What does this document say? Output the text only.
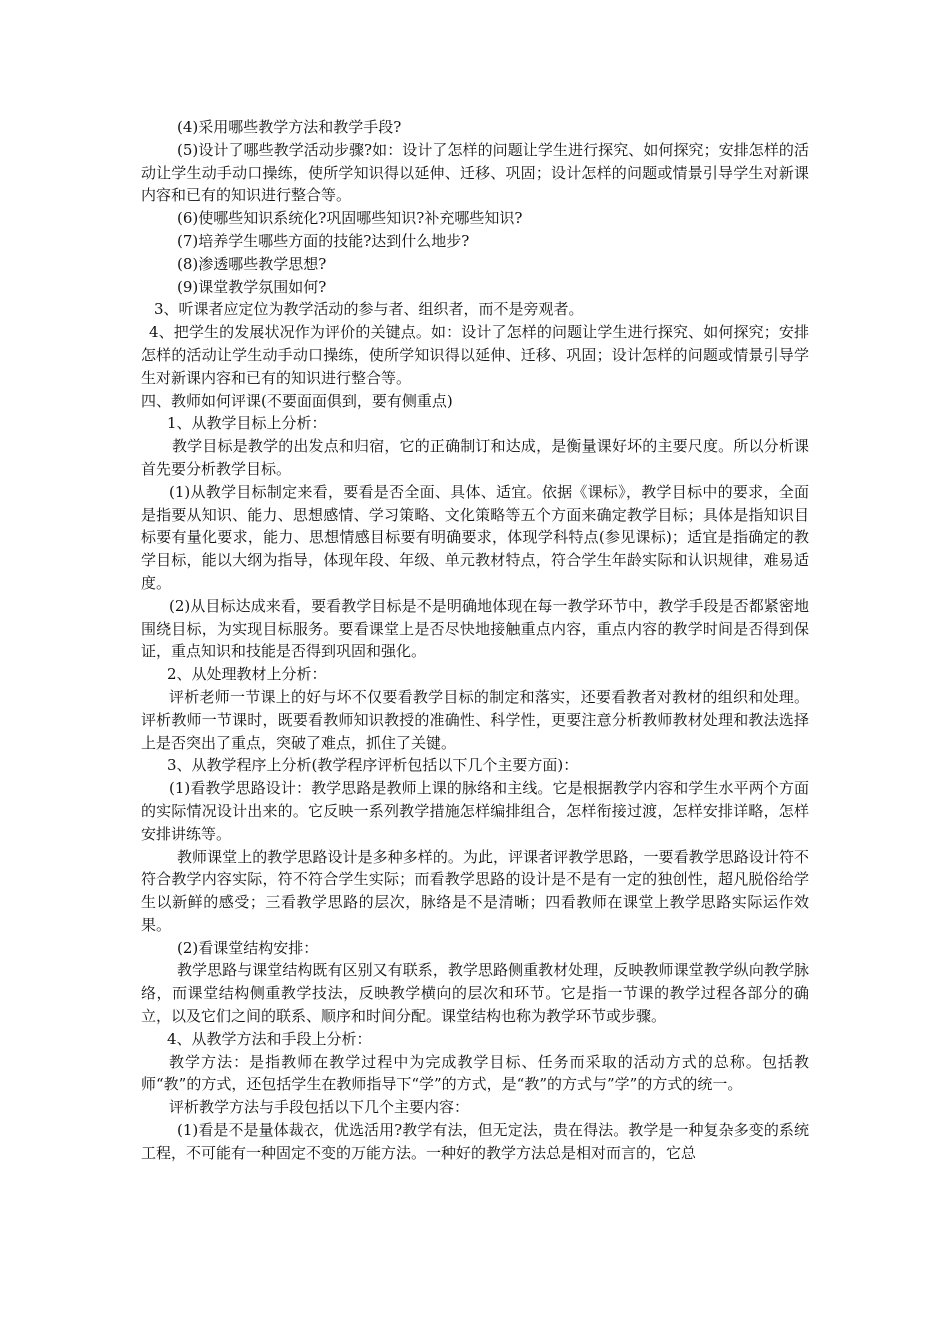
(4)采用哪些教学方法和教学手段?

(5)设计了哪些教学活动步骤?如：设计了怎样的问题让学生进行探究、如何探究；安排怎样的活动让学生动手动口操练，使所学知识得以延伸、迁移、巩固；设计怎样的问题或情景引导学生对新课内容和已有的知识进行整合等。

(6)使哪些知识系统化?巩固哪些知识?补充哪些知识?

(7)培养学生哪些方面的技能?达到什么地步?

(8)渗透哪些教学思想?

(9)课堂教学氛围如何?

3、听课者应定位为教学活动的参与者、组织者，而不是旁观者。

4、把学生的发展状况作为评价的关键点。如：设计了怎样的问题让学生进行探究、如何探究；安排怎样的活动让学生动手动口操练，使所学知识得以延伸、迁移、巩固；设计怎样的问题或情景引导学生对新课内容和已有的知识进行整合等。

四、教师如何评课(不要面面俱到，要有侧重点)

1、从教学目标上分析：

教学目标是教学的出发点和归宿，它的正确制订和达成，是衡量课好坏的主要尺度。所以分析课首先要分析教学目标。

(1)从教学目标制定来看，要看是否全面、具体、适宜。依据《课标》，教学目标中的要求，全面是指要从知识、能力、思想感情、学习策略、文化策略等五个方面来确定教学目标；具体是指知识目标要有量化要求，能力、思想情感目标要有明确要求，体现学科特点(参见课标)；适宜是指确定的教学目标，能以大纲为指导，体现年段、年级、单元教材特点，符合学生年龄实际和认识规律，难易适度。

(2)从目标达成来看，要看教学目标是不是明确地体现在每一教学环节中，教学手段是否都紧密地围绕目标，为实现目标服务。要看课堂上是否尽快地接触重点内容，重点内容的教学时间是否得到保证，重点知识和技能是否得到巩固和强化。

2、从处理教材上分析：

评析老师一节课上的好与坏不仅要看教学目标的制定和落实，还要看教者对教材的组织和处理。评析教师一节课时，既要看教师知识教授的准确性、科学性，更要注意分析教师教材处理和教法选择上是否突出了重点，突破了难点，抓住了关键。

3、从教学程序上分析(教学程序评析包括以下几个主要方面)：

(1)看教学思路设计：教学思路是教师上课的脉络和主线。它是根据教学内容和学生水平两个方面的实际情况设计出来的。它反映一系列教学措施怎样编排组合，怎样衔接过渡，怎样安排详略，怎样安排讲练等。

教师课堂上的教学思路设计是多种多样的。为此，评课者评教学思路，一要看教学思路设计符不符合教学内容实际，符不符合学生实际；而看教学思路的设计是不是有一定的独创性，超凡脱俗给学生以新鲜的感受；三看教学思路的层次，脉络是不是清晰；四看教师在课堂上教学思路实际运作效果。

(2)看课堂结构安排：

教学思路与课堂结构既有区别又有联系，教学思路侧重教材处理，反映教师课堂教学纵向教学脉络，而课堂结构侧重教学技法，反映教学横向的层次和环节。它是指一节课的教学过程各部分的确立，以及它们之间的联系、顺序和时间分配。课堂结构也称为教学环节或步骤。

4、从教学方法和手段上分析：

教学方法：是指教师在教学过程中为完成教学目标、任务而采取的活动方式的总称。包括教师“教”的方式，还包括学生在教师指导下“学”的方式，是“教”的方式与”学”的方式的统一。

评析教学方法与手段包括以下几个主要内容：

(1)看是不是量体裁衣，优选活用?教学有法，但无定法，贵在得法。教学是一种复杂多变的系统工程，不可能有一种固定不变的万能方法。一种好的教学方法总是相对而言的，它总
